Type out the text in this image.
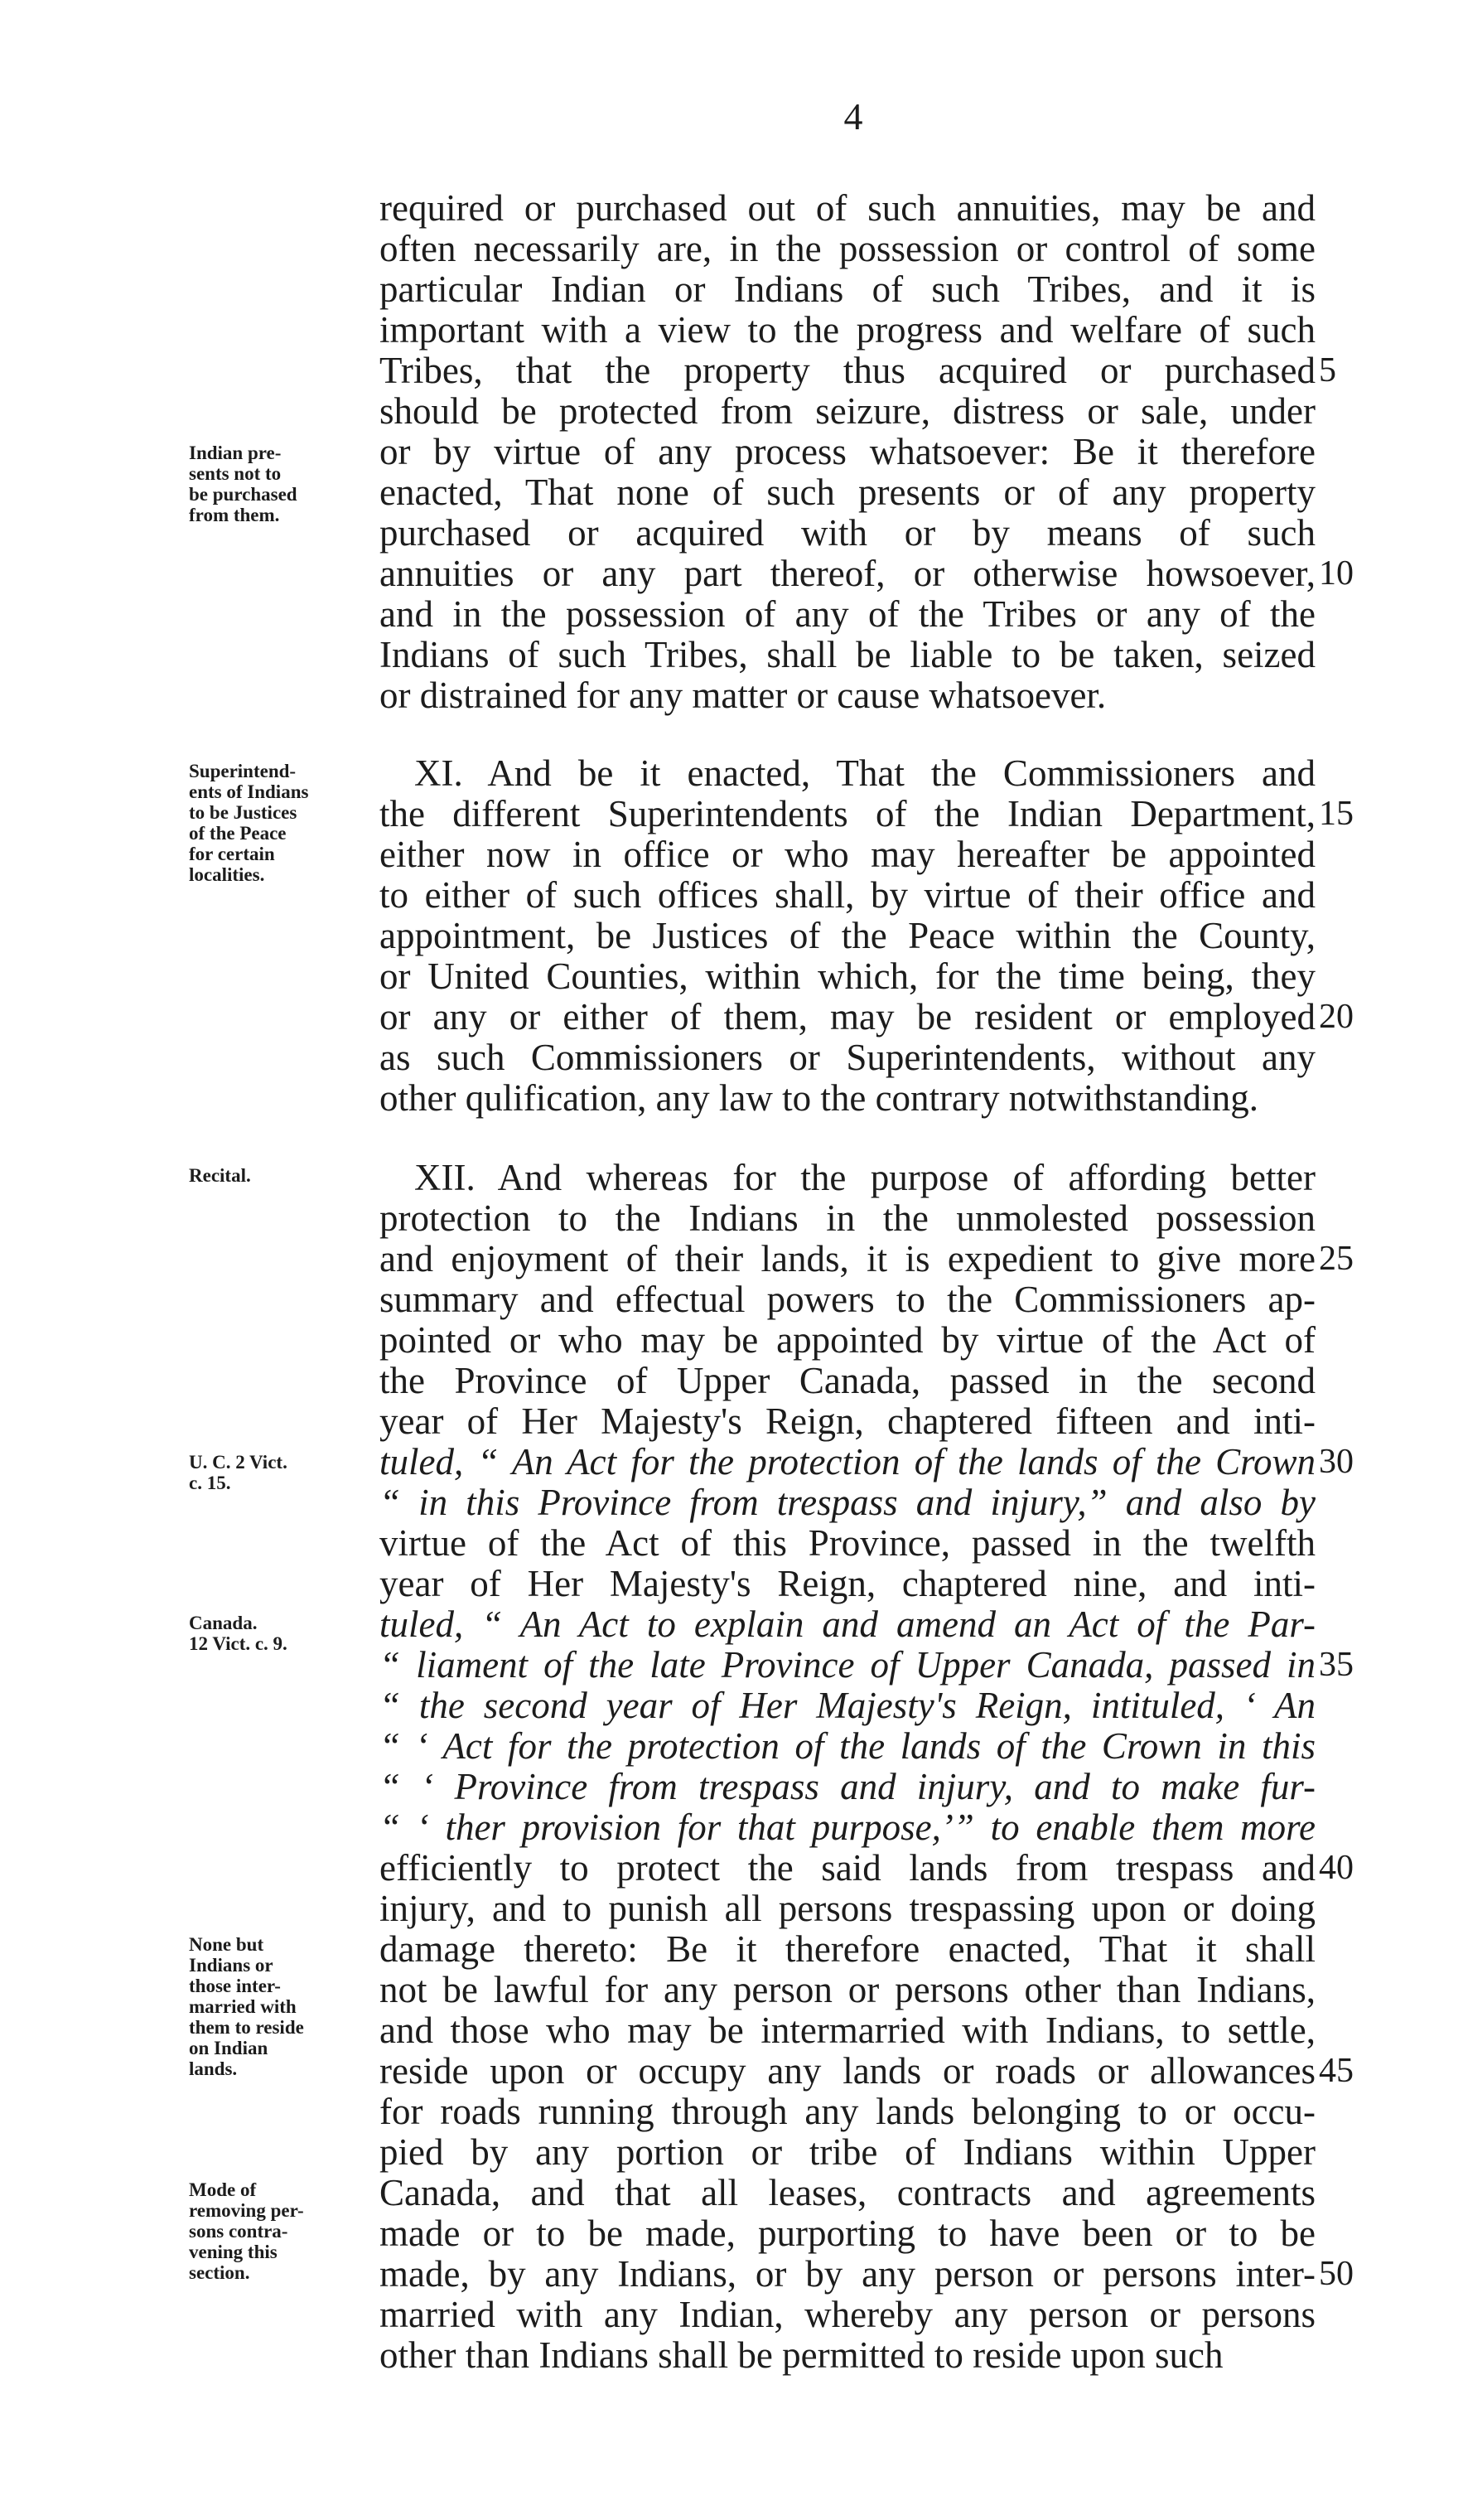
4
required or purchased out of such annuities, may be and
often necessarily are, in the possession or control of some
particular Indian or Indians of such Tribes, and it is
important with a view to the progress and welfare of such
Tribes, that the property thus acquired or purchased
should be protected from seizure, distress or sale, under
or by virtue of any process whatsoever: Be it therefore
enacted, That none of such presents or of any property
purchased or acquired with or by means of such
annuities or any part thereof, or otherwise howsoever,
and in the possession of any of the Tribes or any of the
Indians of such Tribes, shall be liable to be taken, seized
or distrained for any matter or cause whatsoever.
XI. And be it enacted, That the Commissioners and
the different Superintendents of the Indian Department,
either now in office or who may hereafter be appointed
to either of such offices shall, by virtue of their office and
appointment, be Justices of the Peace within the County,
or United Counties, within which, for the time being, they
or any or either of them, may be resident or employed
as such Commissioners or Superintendents, without any
other qulification, any law to the contrary notwithstanding.
XII. And whereas for the purpose of affording better
protection to the Indians in the unmolested possession
and enjoyment of their lands, it is expedient to give more
summary and effectual powers to the Commissioners ap-
pointed or who may be appointed by virtue of the Act of
the Province of Upper Canada, passed in the second
year of Her Majesty's Reign, chaptered fifteen and inti-
tuled, “ An Act for the protection of the lands of the Crown
“ in this Province from trespass and injury,” and also by
virtue of the Act of this Province, passed in the twelfth
year of Her Majesty's Reign, chaptered nine, and inti-
tuled, “ An Act to explain and amend an Act of the Par-
“ liament of the late Province of Upper Canada, passed in
“ the second year of Her Majesty's Reign, intituled, ‘ An
“ ‘ Act for the protection of the lands of the Crown in this
“ ‘ Province from trespass and injury, and to make fur-
“ ‘ ther provision for that purpose,’” to enable them more
efficiently to protect the said lands from trespass and
injury, and to punish all persons trespassing upon or doing
damage thereto: Be it therefore enacted, That it shall
not be lawful for any person or persons other than Indians,
and those who may be intermarried with Indians, to settle,
reside upon or occupy any lands or roads or allowances
for roads running through any lands belonging to or occu-
pied by any portion or tribe of Indians within Upper
Canada, and that all leases, contracts and agreements
made or to be made, purporting to have been or to be
made, by any Indians, or by any person or persons inter-
married with any Indian, whereby any person or persons
other than Indians shall be permitted to reside upon such
5
10
15
20
25
30
35
40
45
50
Indian pre-
sents not to
be purchased
from them.
Superintend-
ents of Indians
to be Justices
of the Peace
for certain
localities.
Recital.
U. C. 2 Vict.
c. 15.
Canada.
12 Vict. c. 9.
None but
Indians or
those inter-
married with
them to reside
on Indian
lands.
Mode of
removing per-
sons contra-
vening this
section.
